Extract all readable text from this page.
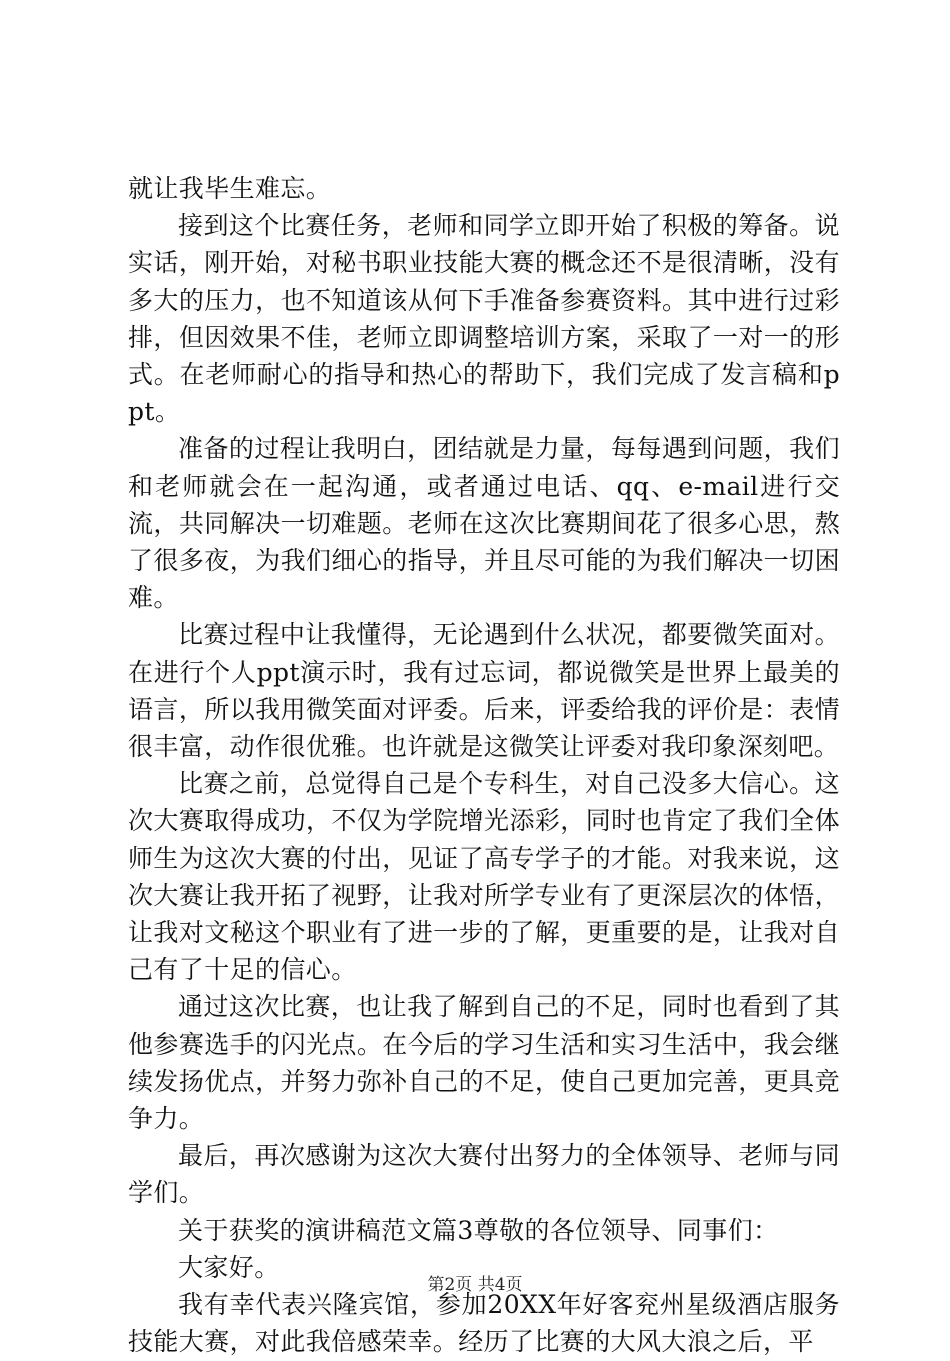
就让我毕生难忘。

接到这个比赛任务，老师和同学立即开始了积极的筹备。说实话，刚开始，对秘书职业技能大赛的概念还不是很清晰，没有多大的压力，也不知道该从何下手准备参赛资料。其中进行过彩排，但因效果不佳，老师立即调整培训方案，采取了一对一的形式。在老师耐心的指导和热心的帮助下，我们完成了发言稿和ppt。

准备的过程让我明白，团结就是力量，每每遇到问题，我们和老师就会在一起沟通，或者通过电话、qq、e-mail进行交流，共同解决一切难题。老师在这次比赛期间花了很多心思，熬了很多夜，为我们细心的指导，并且尽可能的为我们解决一切困难。

比赛过程中让我懂得，无论遇到什么状况，都要微笑面对。在进行个人ppt演示时，我有过忘词，都说微笑是世界上最美的语言，所以我用微笑面对评委。后来，评委给我的评价是：表情很丰富，动作很优雅。也许就是这微笑让评委对我印象深刻吧。

比赛之前，总觉得自己是个专科生，对自己没多大信心。这次大赛取得成功，不仅为学院增光添彩，同时也肯定了我们全体师生为这次大赛的付出，见证了高专学子的才能。对我来说，这次大赛让我开拓了视野，让我对所学专业有了更深层次的体悟，让我对文秘这个职业有了进一步的了解，更重要的是，让我对自己有了十足的信心。

通过这次比赛，也让我了解到自己的不足，同时也看到了其他参赛选手的闪光点。在今后的学习生活和实习生活中，我会继续发扬优点，并努力弥补自己的不足，使自己更加完善，更具竞争力。

最后，再次感谢为这次大赛付出努力的全体领导、老师与同学们。

关于获奖的演讲稿范文篇3尊敬的各位领导、同事们：

大家好。

我有幸代表兴隆宾馆，参加20XX年好客兖州星级酒店服务技能大赛，对此我倍感荣幸。经历了比赛的大风大浪之后，平

第2页 共4页
